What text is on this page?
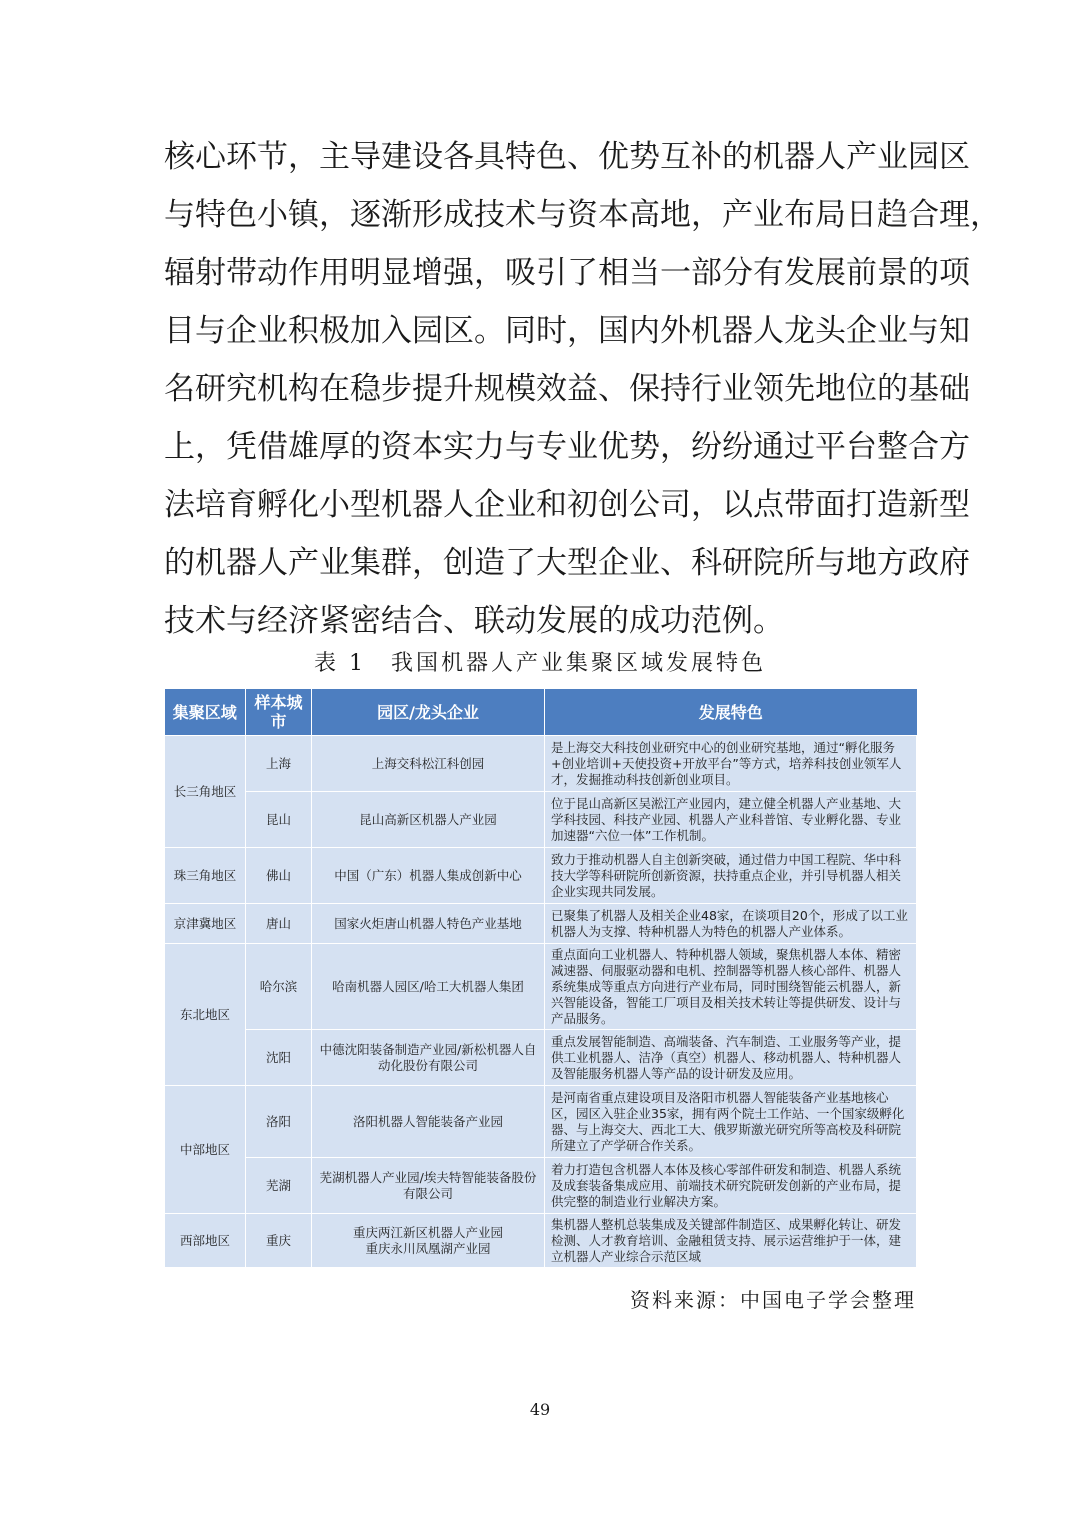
核心环节，主导建设各具特色、优势互补的机器人产业园区
与特色小镇，逐渐形成技术与资本高地，产业布局日趋合理，
辐射带动作用明显增强，吸引了相当一部分有发展前景的项
目与企业积极加入园区。同时，国内外机器人龙头企业与知
名研究机构在稳步提升规模效益、保持行业领先地位的基础
上，凭借雄厚的资本实力与专业优势，纷纷通过平台整合方
法培育孵化小型机器人企业和初创公司，以点带面打造新型
的机器人产业集群，创造了大型企业、科研院所与地方政府
技术与经济紧密结合、联动发展的成功范例。

表 1　我国机器人产业集聚区域发展特色

集聚区域	样本城市	园区/龙头企业	发展特色
长三角地区	上海	上海交科松江科创园	是上海交大科技创业研究中心的创业研究基地，通过“孵化服务+创业培训+天使投资+开放平台”等方式，培养科技创业领军人才，发掘推动科技创新创业项目。
	昆山	昆山高新区机器人产业园	位于昆山高新区吴淞江产业园内，建立健全机器人产业基地、大学科技园、科技产业园、机器人产业科普馆、专业孵化器、专业加速器“六位一体”工作机制。
珠三角地区	佛山	中国（广东）机器人集成创新中心	致力于推动机器人自主创新突破，通过借力中国工程院、华中科技大学等科研院所创新资源，扶持重点企业，并引导机器人相关企业实现共同发展。
京津冀地区	唐山	国家火炬唐山机器人特色产业基地	已聚集了机器人及相关企业48家，在谈项目20个，形成了以工业机器人为支撑、特种机器人为特色的机器人产业体系。
东北地区	哈尔滨	哈南机器人园区/哈工大机器人集团	重点面向工业机器人、特种机器人领域，聚焦机器人本体、精密减速器、伺服驱动器和电机、控制器等机器人核心部件、机器人系统集成等重点方向进行产业布局，同时围绕智能云机器人，新兴智能设备，智能工厂项目及相关技术转让等提供研发、设计与产品服务。
	沈阳	中德沈阳装备制造产业园/新松机器人自动化股份有限公司	重点发展智能制造、高端装备、汽车制造、工业服务等产业，提供工业机器人、洁净（真空）机器人、移动机器人、特种机器人及智能服务机器人等产品的设计研发及应用。
中部地区	洛阳	洛阳机器人智能装备产业园	是河南省重点建设项目及洛阳市机器人智能装备产业基地核心区，园区入驻企业35家，拥有两个院士工作站、一个国家级孵化器、与上海交大、西北工大、俄罗斯激光研究所等高校及科研院所建立了产学研合作关系。
	芜湖	芜湖机器人产业园/埃夫特智能装备股份有限公司	着力打造包含机器人本体及核心零部件研发和制造、机器人系统及成套装备集成应用、前端技术研究院研发创新的产业布局，提供完整的制造业行业解决方案。
西部地区	重庆	重庆两江新区机器人产业园
重庆永川凤凰湖产业园	集机器人整机总装集成及关键部件制造区、成果孵化转让、研发检测、人才教育培训、金融租赁支持、展示运营维护于一体，建立机器人产业综合示范区域

资料来源：中国电子学会整理

49
